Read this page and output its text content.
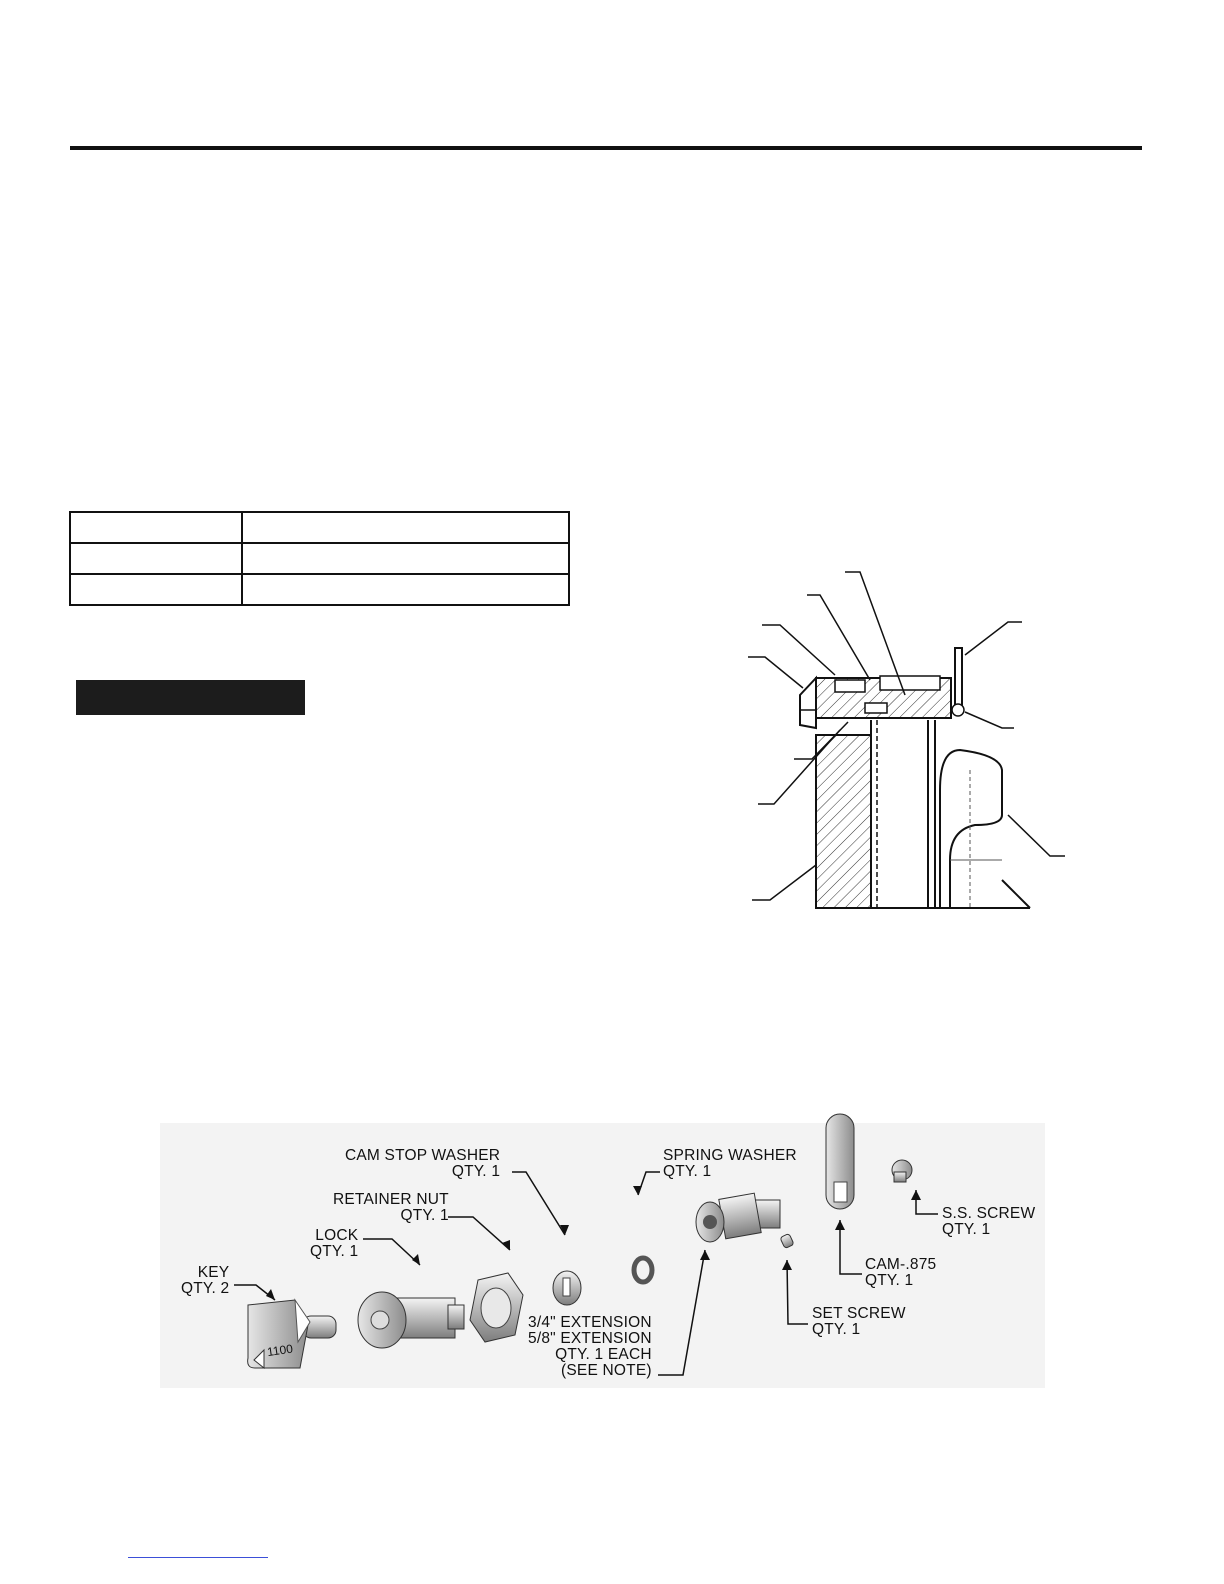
1100
CAM STOP WASHER
QTY. 1
RETAINER NUT
QTY. 1
LOCK
QTY. 1
KEY
QTY. 2
SPRING WASHER
QTY. 1
S.S. SCREW
QTY. 1
CAM-.875
QTY. 1
SET SCREW
QTY. 1
3/4" EXTENSION
5/8" EXTENSION
QTY. 1 EACH
(SEE NOTE)
